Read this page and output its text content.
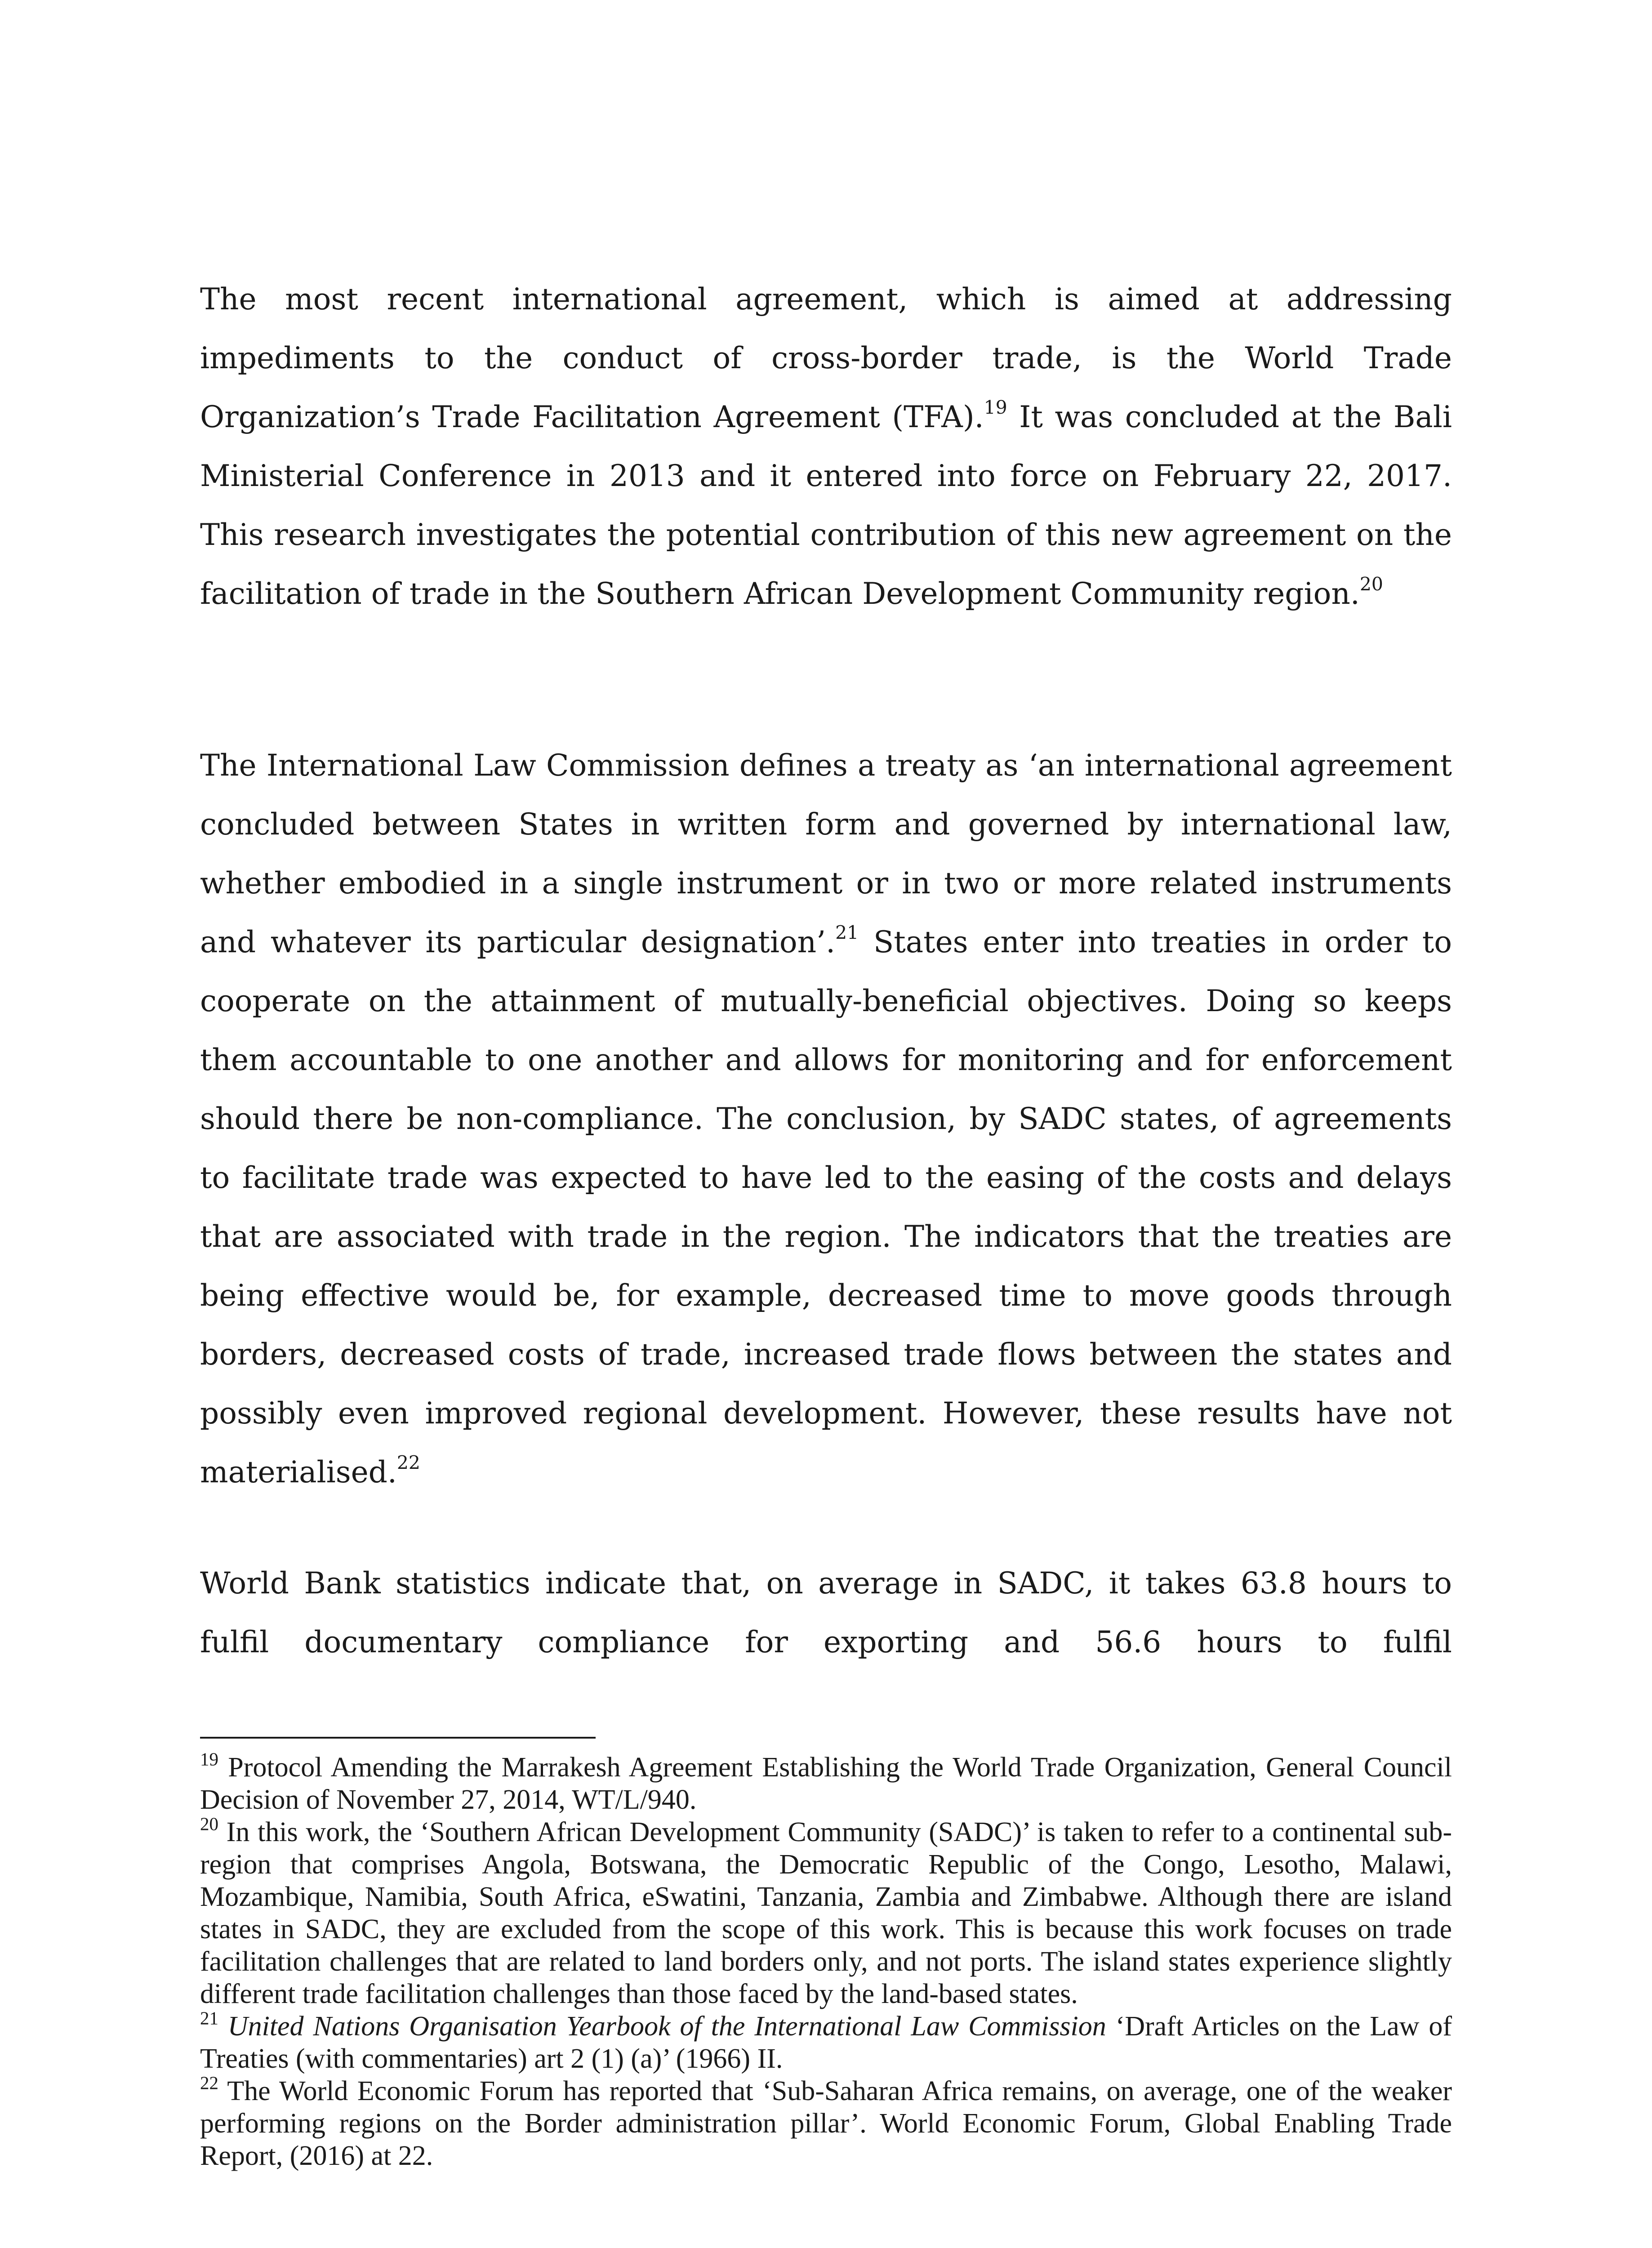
The most recent international agreement, which is aimed at addressing impediments to the conduct of cross-border trade, is the World Trade Organization’s Trade Facilitation Agreement (TFA).$^{19}$ It was concluded at the Bali Ministerial Conference in 2013 and it entered into force on February 22, 2017. This research investigates the potential contribution of this new agreement on the facilitation of trade in the Southern African Development Community region.$^{20}$

The International Law Commission defines a treaty as ‘an international agreement concluded between States in written form and governed by international law, whether embodied in a single instrument or in two or more related instruments and whatever its particular designation’.$^{21}$ States enter into treaties in order to cooperate on the attainment of mutually-beneficial objectives. Doing so keeps them accountable to one another and allows for monitoring and for enforcement should there be non-compliance. The conclusion, by SADC states, of agreements to facilitate trade was expected to have led to the easing of the costs and delays that are associated with trade in the region. The indicators that the treaties are being effective would be, for example, decreased time to move goods through borders, decreased costs of trade, increased trade flows between the states and possibly even improved regional development. However, these results have not materialised.$^{22}$

World Bank statistics indicate that, on average in SADC, it takes 63.8 hours to fulfil documentary compliance for exporting and 56.6 hours to fulfil

$^{19}$ Protocol Amending the Marrakesh Agreement Establishing the World Trade Organization, General Council Decision of November 27, 2014, WT/L/940.

$^{20}$ In this work, the ‘Southern African Development Community (SADC)’ is taken to refer to a continental sub-region that comprises Angola, Botswana, the Democratic Republic of the Congo, Lesotho, Malawi, Mozambique, Namibia, South Africa, eSwatini, Tanzania, Zambia and Zimbabwe. Although there are island states in SADC, they are excluded from the scope of this work. This is because this work focuses on trade facilitation challenges that are related to land borders only, and not ports. The island states experience slightly different trade facilitation challenges than those faced by the land-based states.

$^{21}$ United Nations Organisation Yearbook of the International Law Commission ‘Draft Articles on the Law of Treaties (with commentaries) art 2 (1) (a)’ (1966) II.

$^{22}$ The World Economic Forum has reported that ‘Sub-Saharan Africa remains, on average, one of the weaker performing regions on the Border administration pillar’. World Economic Forum, Global Enabling Trade Report, (2016) at 22.
